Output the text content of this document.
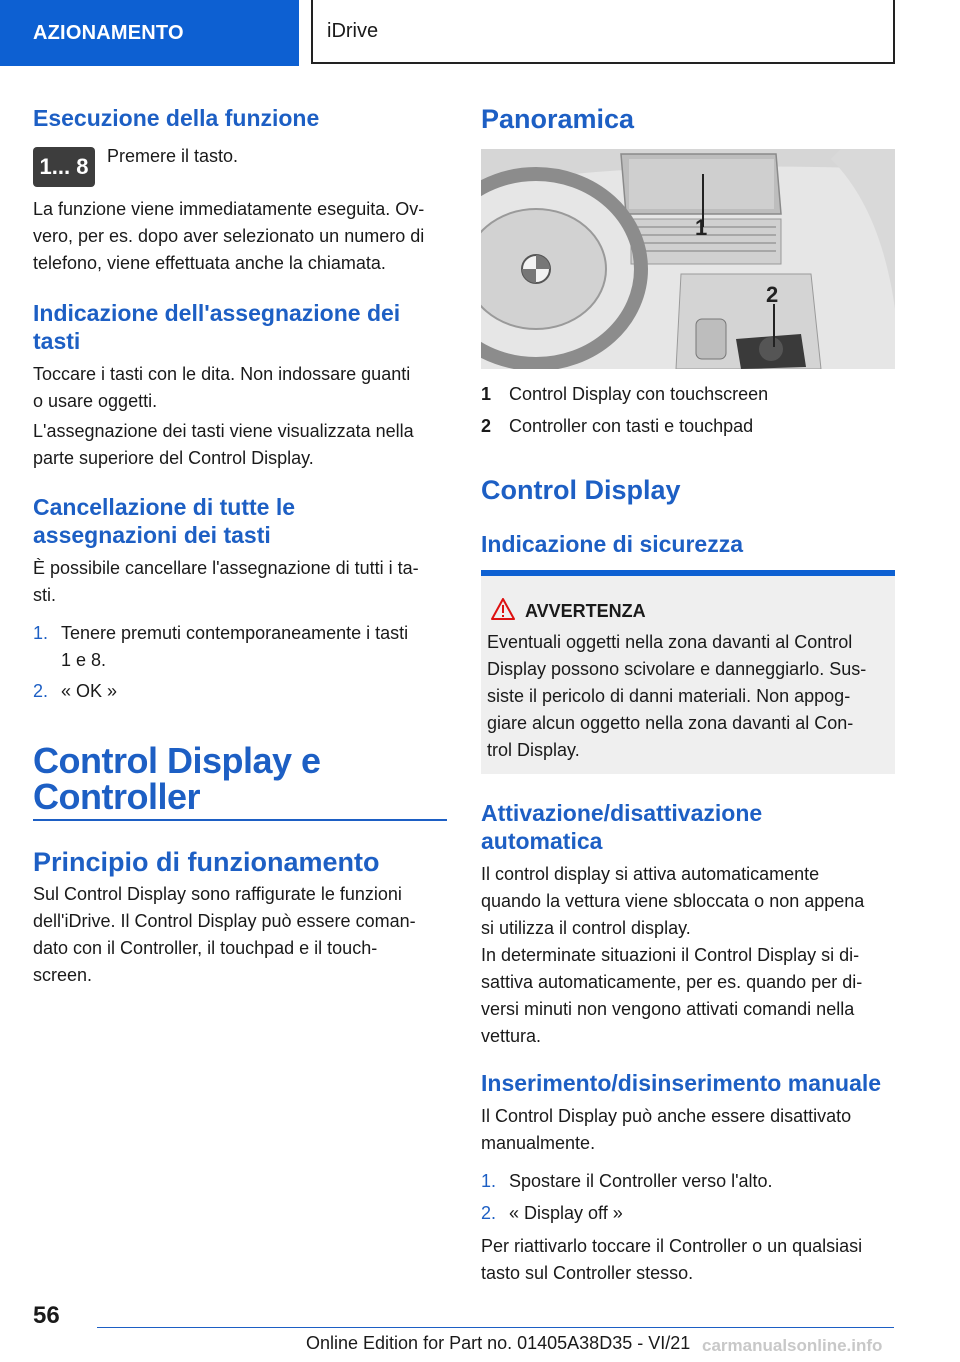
AZIONAMENTO	iDrive
Esecuzione della funzione
1... 8 Premere il tasto.
La funzione viene immediatamente eseguita. Ov-
vero, per es. dopo aver selezionato un numero di
telefono, viene effettuata anche la chiamata.
Indicazione dell'assegnazione dei
tasti
Toccare i tasti con le dita. Non indossare guanti
o usare oggetti.
L'assegnazione dei tasti viene visualizzata nella
parte superiore del Control Display.
Cancellazione di tutte le
assegnazioni dei tasti
È possibile cancellare l'assegnazione di tutti i ta-
sti.
1. Tenere premuti contemporaneamente i tasti
1 e 8.
2. « OK »
Control Display e
Controller
Principio di funzionamento
Sul Control Display sono raffigurate le funzioni
dell'iDrive. Il Control Display può essere coman-
dato con il Controller, il touchpad e il touch-
screen.
Panoramica
1
2
1 Control Display con touchscreen
2 Controller con tasti e touchpad
Control Display
Indicazione di sicurezza
AVVERTENZA
Eventuali oggetti nella zona davanti al Control
Display possono scivolare e danneggiarlo. Sus-
siste il pericolo di danni materiali. Non appog-
giare alcun oggetto nella zona davanti al Con-
trol Display.
Attivazione/disattivazione
automatica
Il control display si attiva automaticamente
quando la vettura viene sbloccata o non appena
si utilizza il control display.
In determinate situazioni il Control Display si di-
sattiva automaticamente, per es. quando per di-
versi minuti non vengono attivati comandi nella
vettura.
Inserimento/disinserimento manuale
Il Control Display può anche essere disattivato
manualmente.
1. Spostare il Controller verso l'alto.
2. « Display off »
Per riattivarlo toccare il Controller o un qualsiasi
tasto sul Controller stesso.
56
Online Edition for Part no. 01405A38D35 - VI/21 carmanualsonline.info
